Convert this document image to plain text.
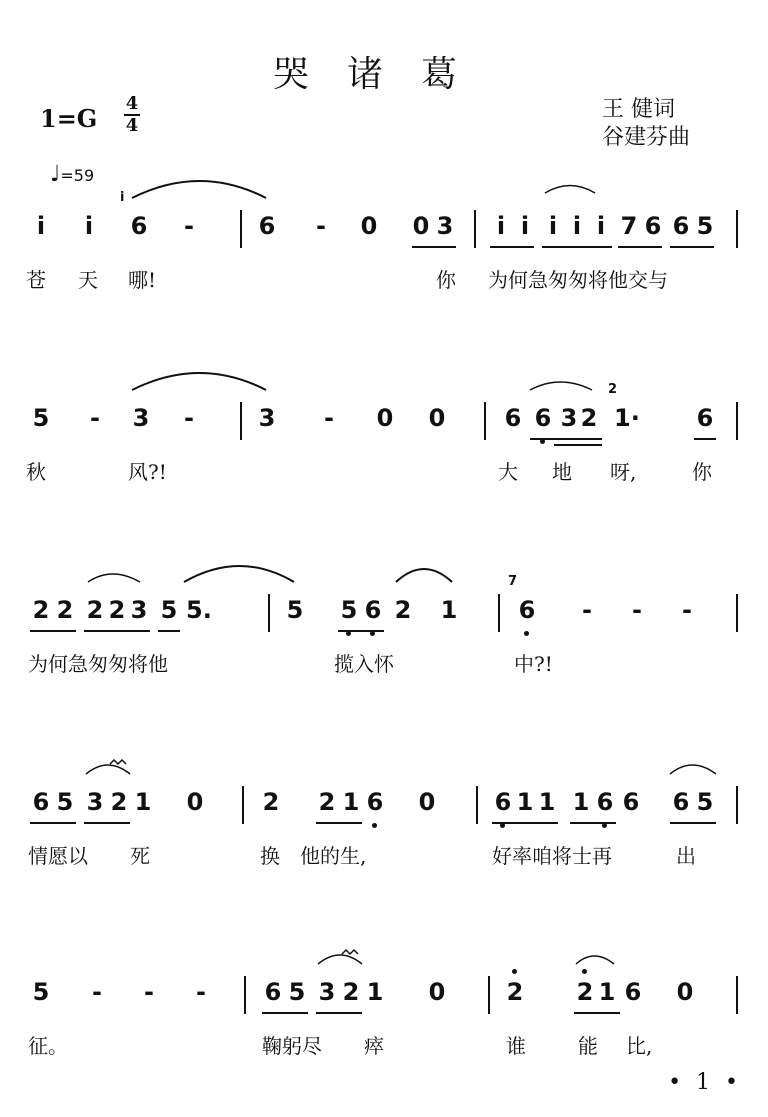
哭诸葛
1=G
4
4
王 健词
谷建芬曲
♩=59
i
i i 6 -	6 - 0 0 3 i i i i i 7 6 6 5
苍 天 哪!	你 为何急匆匆将他交与
2
5 - 3 -	3 - 0 0 6 6 3 2 1· 6
秋	风?!	大 地 呀,	你
7
2 2 2 2 3 5 5.	5 5 6 2 1	6 - - -
为何急匆匆将他	揽入怀	中?!
6 5 3 2 1 0 2 2 1 6 0 6 1 1 1 6 6 6 5
情愿以 死	换 他的生,	好率咱将士再	出
5 - - - 6 5 3 2 1 0	2 2 1 6 0
征。	鞠躬尽 瘁	谁	能 比,
• 1 •
